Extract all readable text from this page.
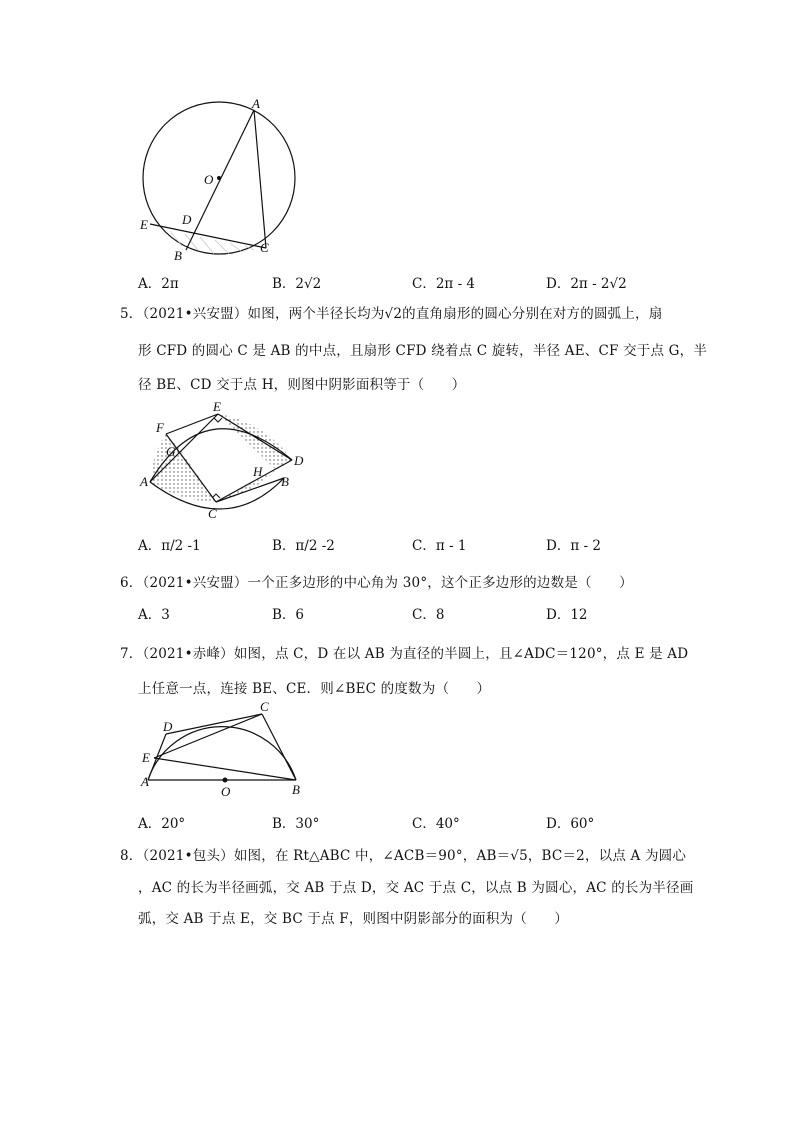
A
O
D
E
B
C
A．2π	B．2√2	C．2π - 4	D．2π - 2√2
5．（2021•兴安盟）如图，两个半径长均为√2的直角扇形的圆心分别在对方的圆弧上，扇
形 CFD 的圆心 C 是 AB 的中点，且扇形 CFD 绕着点 C 旋转，半径 AE、CF 交于点 G，半
径 BE、CD 交于点 H，则图中阴影面积等于（　　）
E
F
G
H
D
A	B
C
A．π/2 -1	B．π/2 -2	C．π - 1	D．π - 2
6．（2021•兴安盟）一个正多边形的中心角为 30°，这个正多边形的边数是（　　）
A．3	B．6	C．8	D．12
7．（2021•赤峰）如图，点 C，D 在以 AB 为直径的半圆上，且∠ADC＝120°，点 E 是 AD
上任意一点，连接 BE、CE．则∠BEC 的度数为（　　）
C
D
E
A
O	B
A．20°	B．30°	C．40°	D．60°
8．（2021•包头）如图，在 Rt△ABC 中，∠ACB＝90°，AB＝√5，BC＝2，以点 A 为圆心
，AC 的长为半径画弧，交 AB 于点 D，交 AC 于点 C，以点 B 为圆心，AC 的长为半径画
弧，交 AB 于点 E，交 BC 于点 F，则图中阴影部分的面积为（　　）
